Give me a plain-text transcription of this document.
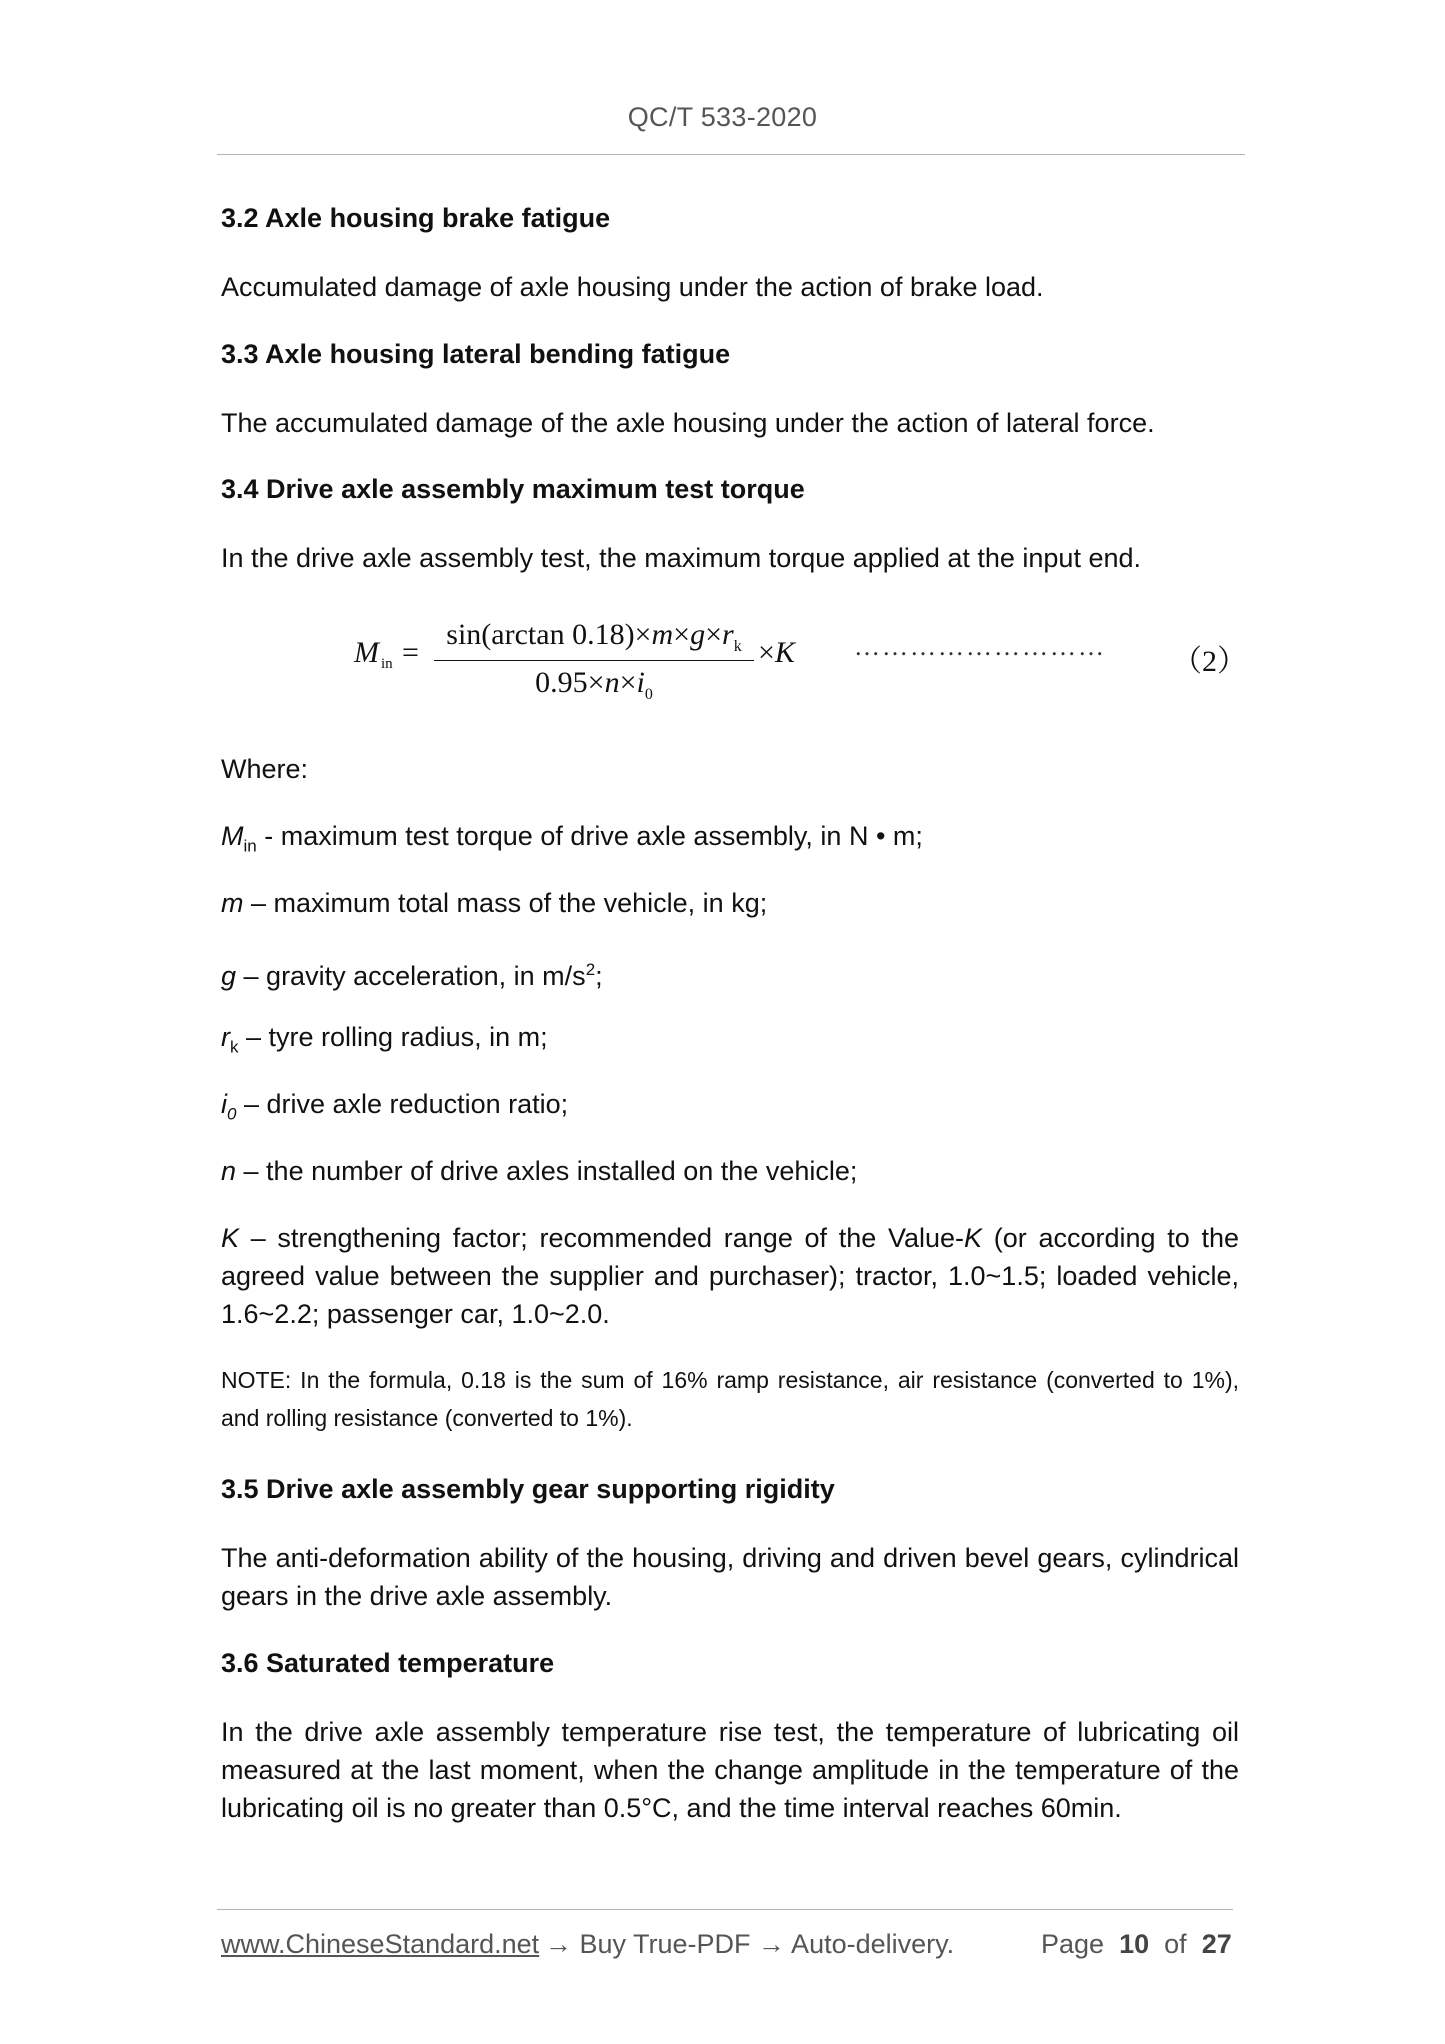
QC/T 533-2020
3.2 Axle housing brake fatigue
Accumulated damage of axle housing under the action of brake load.
3.3 Axle housing lateral bending fatigue
The accumulated damage of the axle housing under the action of lateral force.
3.4 Drive axle assembly maximum test torque
In the drive axle assembly test, the maximum torque applied at the input end.
Where:
$M_{in}$ - maximum test torque of drive axle assembly, in N • m;
m – maximum total mass of the vehicle, in kg;
g – gravity acceleration, in $m/s^2$;
$r_k$ – tyre rolling radius, in m;
$i_0$ – drive axle reduction ratio;
n – the number of drive axles installed on the vehicle;
K – strengthening factor; recommended range of the Value-K (or according to the agreed value between the supplier and purchaser); tractor, 1.0~1.5; loaded vehicle, 1.6~2.2; passenger car, 1.0~2.0.
NOTE: In the formula, 0.18 is the sum of 16% ramp resistance, air resistance (converted to 1%), and rolling resistance (converted to 1%).
3.5 Drive axle assembly gear supporting rigidity
The anti-deformation ability of the housing, driving and driven bevel gears, cylindrical gears in the drive axle assembly.
3.6 Saturated temperature
In the drive axle assembly temperature rise test, the temperature of lubricating oil measured at the last moment, when the change amplitude in the temperature of the lubricating oil is no greater than 0.5°C, and the time interval reaches 60min.
M $_{in}$ =
sin(arctan $0.18)\times m\times g\times r_k$
$0.95\times n\times i_0$
×K ……………………… （2）
www.ChineseStandard.net → Buy True-PDF → Auto-delivery.	Page 10 of 27
